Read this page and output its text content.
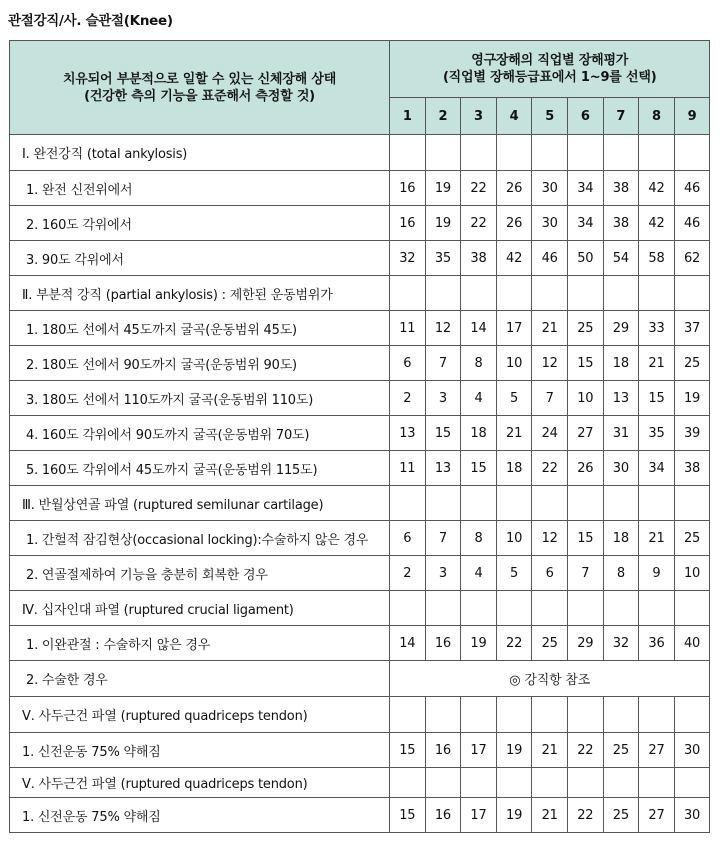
관절강직/사. 슬관절(Knee)
치유되어 부분적으로 일할 수 있는 신체장해 상태
(건강한 측의 기능을 표준해서 측정할 것)	영구장해의 직업별 장해평가
(직업별 장해등급표에서 1~9를 선택)								

	1	2	3	4	5	6	7	8	9
Ⅰ. 완전강직 (total ankylosis)									
1. 완전 신전위에서	16	19	22	26	30	34	38	42	46
2. 160도 각위에서	16	19	22	26	30	34	38	42	46
3. 90도 각위에서	32	35	38	42	46	50	54	58	62
Ⅱ. 부분적 강직 (partial ankylosis) : 제한된 운동범위가									
1. 180도 선에서 45도까지 굴곡(운동범위 45도)	11	12	14	17	21	25	29	33	37
2. 180도 선에서 90도까지 굴곡(운동범위 90도)	6	7	8	10	12	15	18	21	25
3. 180도 선에서 110도까지 굴곡(운동범위 110도)	2	3	4	5	7	10	13	15	19
4. 160도 각위에서 90도까지 굴곡(운동범위 70도)	13	15	18	21	24	27	31	35	39
5. 160도 각위에서 45도까지 굴곡(운동범위 115도)	11	13	15	18	22	26	30	34	38
Ⅲ. 반월상연골 파열 (ruptured semilunar cartilage)									
1. 간헐적 잠김현상(occasional locking):수술하지 않은 경우	6	7	8	10	12	15	18	21	25
2. 연골절제하여 기능을 충분히 회복한 경우	2	3	4	5	6	7	8	9	10
Ⅳ. 십자인대 파열 (ruptured crucial ligament)									
1. 이완관절 : 수술하지 않은 경우	14	16	19	22	25	29	32	36	40
2. 수술한 경우	◎ 강직항 참조								
Ⅴ. 사두근건 파열 (ruptured quadriceps tendon)									
1. 신전운동 75% 약해짐	15	16	17	19	21	22	25	27	30
Ⅴ. 사두근건 파열 (ruptured quadriceps tendon)									
1. 신전운동 75% 약해짐	15	16	17	19	21	22	25	27	30
